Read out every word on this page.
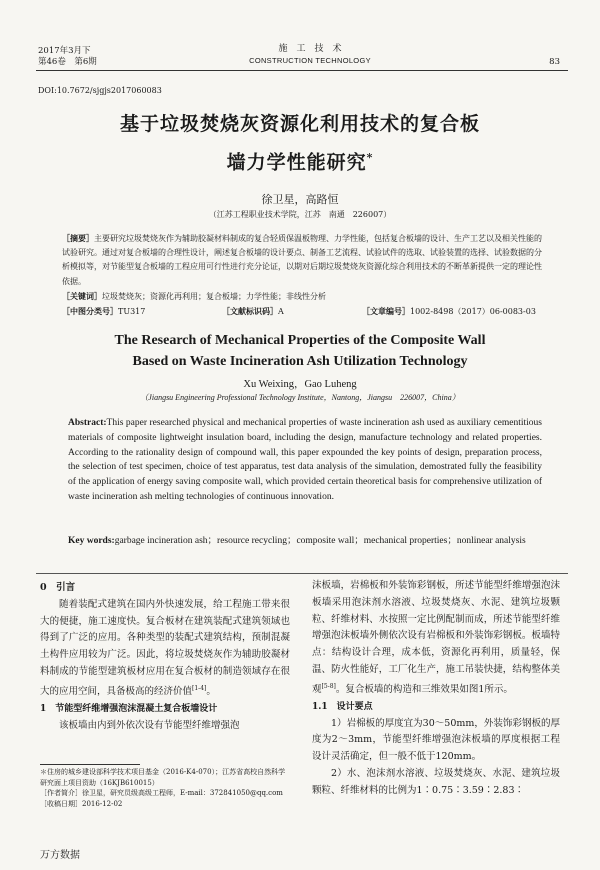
2017年3月下
第46卷　第6期
施　工　技　术
CONSTRUCTION TECHNOLOGY	83
DOI:10.7672/sjgjs2017060083
基于垃圾焚烧灰资源化利用技术的复合板
墙力学性能研究*
徐卫星，高路恒
（江苏工程职业技术学院，江苏　南通　226007）
［摘要］主要研究垃圾焚烧灰作为辅助胶凝材料制成的复合轻质保温板物理、力学性能，包括复合板墙的设计、生产工艺以及相关性能的试验研究。通过对复合板墙的合理性设计，阐述复合板墙的设计要点、制备工艺流程、试验试件的选取、试验装置的选择、试验数据的分析模拟等，对节能型复合板墙的工程应用可行性进行充分论证，以期对后期垃圾焚烧灰资源化综合利用技术的不断革新提供一定的理论性依据。
［关键词］垃圾焚烧灰；资源化再利用；复合板墙；力学性能；非线性分析
［中图分类号］TU317	［文献标识码］A	［文章编号］1002-8498（2017）06-0083-03
The Research of Mechanical Properties of the Composite Wall
Based on Waste Incineration Ash Utilization Technology
Xu Weixing，Gao Luheng
（Jiangsu Engineering Professional Technology Institute，Nantong，Jiangsu　226007，China）
Abstract:This paper researched physical and mechanical properties of waste incineration ash used as auxiliary cementitious materials of composite lightweight insulation board, including the design, manufacture technology and related properties. According to the rationality design of compound wall, this paper expounded the key points of design, preparation process, the selection of test specimen, choice of test apparatus, test data analysis of the simulation, demostrated fully the feasibility of the application of energy saving composite wall, which provided certain theoretical basis for comprehensive utilization of waste incineration ash melting technologies of continuous innovation.
Key words:garbage incineration ash；resource recycling；composite wall；mechanical properties；nonlinear analysis

0　引言

随着装配式建筑在国内外快速发展，给工程施工带来很大的便捷，施工速度快。复合板材在建筑装配式建筑领域也得到了广泛的应用。各种类型的装配式建筑结构，预制混凝土构件应用较为广泛。因此，将垃圾焚烧灰作为辅助胶凝材料制成的节能型建筑板材应用在复合板材的制造领域存在很大的应用空间，具备极高的经济价值[1-4]。

1　节能型纤维增强泡沫混凝土复合板墙设计

该板墙由内到外依次设有节能型纤维增强泡

沫板墙，岩棉板和外装饰彩钢板，所述节能型纤维增强泡沫板墙采用泡沫剂水溶液、垃圾焚烧灰、水泥、建筑垃圾颗粒、纤维材料、水按照一定比例配制而成，所述节能型纤维增强泡沫板墙外侧依次设有岩棉板和外装饰彩钢板。板墙特点：结构设计合理，成本低，资源化再利用，质量轻，保温、防火性能好，工厂化生产，施工吊装快捷，结构整体美观[5-8]。复合板墙的构造和三维效果如图1所示。

1.1　设计要点

1）岩棉板的厚度宜为30～50mm，外装饰彩钢板的厚度为2～3mm，节能型纤维增强泡沫板墙的厚度根据工程设计灵活确定，但一般不低于120mm。

2）水、泡沫剂水溶液、垃圾焚烧灰、水泥、建筑垃圾颗粒、纤维材料的比例为1∶0.75∶3.59∶2.83∶

万方数据
＊住房的城乡建设部科学技术项目基金（2016-K4-070）；江苏省高校自然科学研究面上项目资助（16KJB610015）
［作者简介］徐卫星，研究员级高级工程师，E-mail：372841050@qq.com
［收稿日期］2016-12-02
